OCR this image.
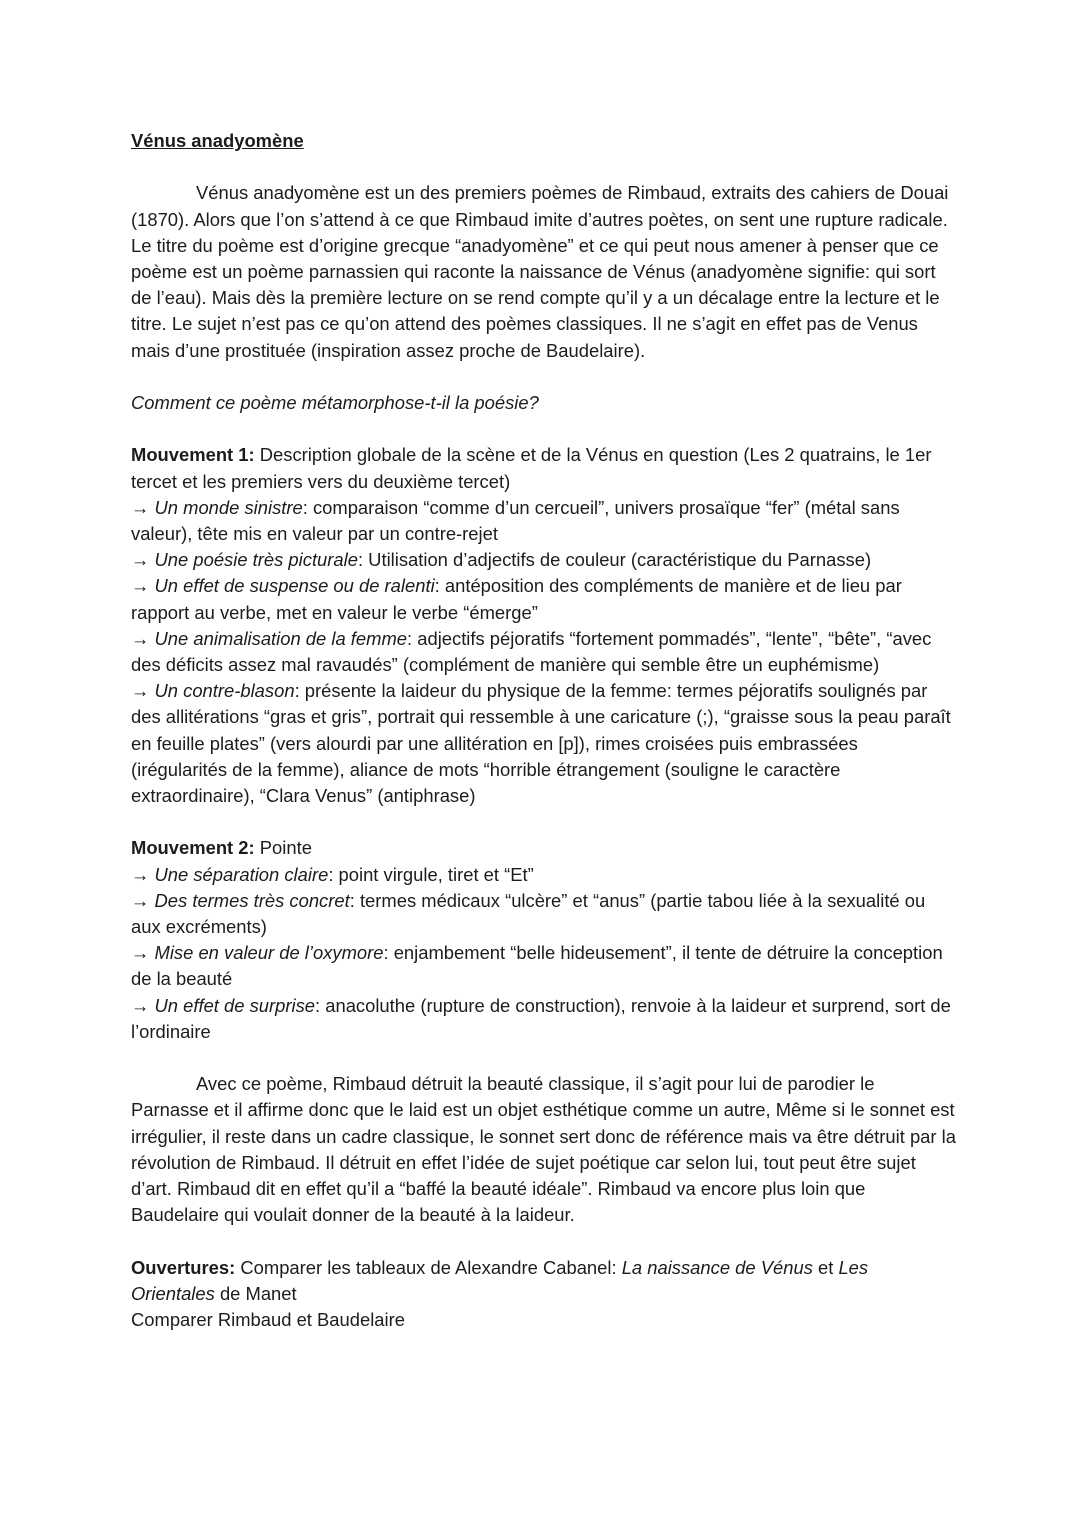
Vénus anadyomène

Vénus anadyomène est un des premiers poèmes de Rimbaud, extraits des cahiers de Douai (1870). Alors que l’on s’attend à ce que Rimbaud imite d’autres poètes, on sent une rupture radicale. Le titre du poème est d’origine grecque “anadyomène” et ce qui peut nous amener à penser que ce poème est un poème parnassien qui raconte la naissance de Vénus (anadyomène signifie: qui sort de l’eau). Mais dès la première lecture on se rend compte qu’il y a un décalage entre la lecture et le titre. Le sujet n’est pas ce qu’on attend des poèmes classiques. Il ne s’agit en effet pas de Venus mais d’une prostituée (inspiration assez proche de Baudelaire).

Comment ce poème métamorphose-t-il la poésie?

Mouvement 1: Description globale de la scène et de la Vénus en question (Les 2 quatrains, le 1er tercet et les premiers vers du deuxième tercet)

→ Un monde sinistre: comparaison “comme d’un cercueil”, univers prosaïque “fer” (métal sans valeur), tête mis en valeur par un contre-rejet

→ Une poésie très picturale: Utilisation d’adjectifs de couleur (caractéristique du Parnasse)

→ Un effet de suspense ou de ralenti: antéposition des compléments de manière et de lieu par rapport au verbe, met en valeur le verbe “émerge”

→ Une animalisation de la femme: adjectifs péjoratifs “fortement pommadés”, “lente”, “bête”, “avec des déficits assez mal ravaudés” (complément de manière qui semble être un euphémisme)

→ Un contre-blason: présente la laideur du physique de la femme: termes péjoratifs soulignés par des allitérations “gras et gris”, portrait qui ressemble à une caricature (;), “graisse sous la peau paraît en feuille plates” (vers alourdi par une allitération en [p]), rimes croisées puis embrassées (irégularités de la femme), aliance de mots “horrible étrangement (souligne le caractère extraordinaire), “Clara Venus” (antiphrase)

Mouvement 2: Pointe

→ Une séparation claire: point virgule, tiret et “Et”

→ Des termes très concret: termes médicaux “ulcère” et “anus” (partie tabou liée à la sexualité ou aux excréments)

→ Mise en valeur de l’oxymore: enjambement “belle hideusement”, il tente de détruire la conception de la beauté

→ Un effet de surprise: anacoluthe (rupture de construction), renvoie à la laideur et surprend, sort de l’ordinaire

Avec ce poème, Rimbaud détruit la beauté classique, il s’agit pour lui de parodier le Parnasse et il affirme donc que le laid est un objet esthétique comme un autre, Même si le sonnet est irrégulier, il reste dans un cadre classique, le sonnet sert donc de référence mais va être détruit par la révolution de Rimbaud. Il détruit en effet l’idée de sujet poétique car selon lui, tout peut être sujet d’art. Rimbaud dit en effet qu’il a “baffé la beauté idéale”. Rimbaud va encore plus loin que Baudelaire qui voulait donner de la beauté à la laideur.

Ouvertures: Comparer les tableaux de Alexandre Cabanel: La naissance de Vénus et Les Orientales de Manet

Comparer Rimbaud et Baudelaire
